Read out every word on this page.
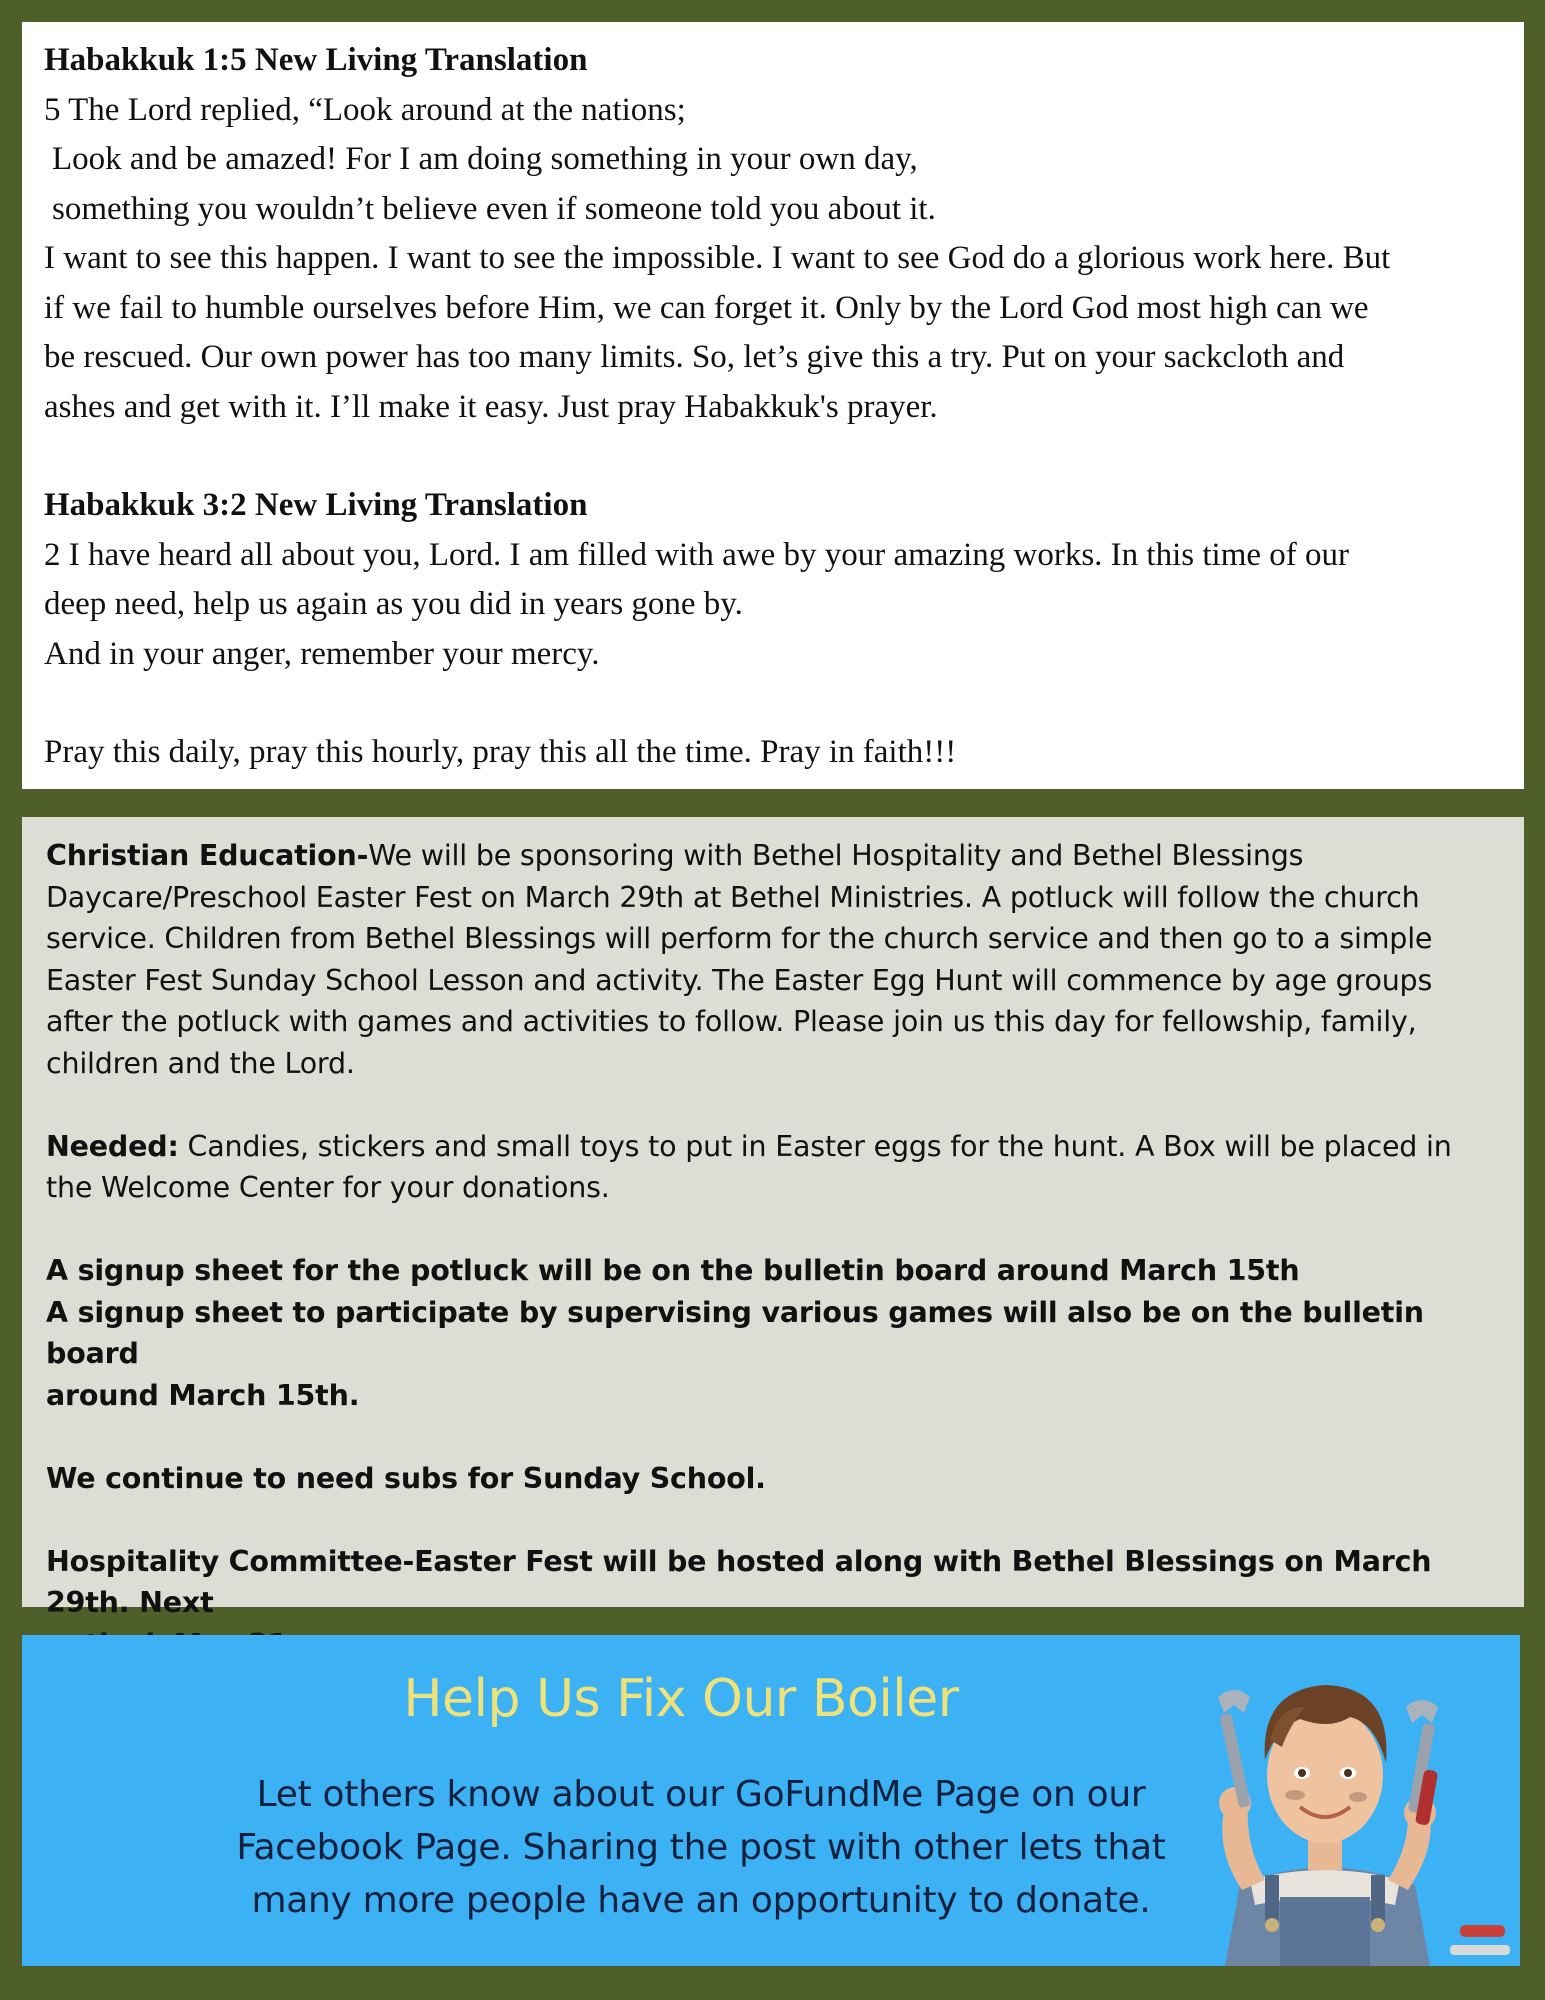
Habakkuk 1:5 New Living Translation

5 The Lord replied, “Look around at the nations;

Look and be amazed! For I am doing something in your own day,

something you wouldn’t believe even if someone told you about it.

I want to see this happen. I want to see the impossible. I want to see God do a glorious work here. But

if we fail to humble ourselves before Him, we can forget it. Only by the Lord God most high can we

be rescued. Our own power has too many limits. So, let’s give this a try. Put on your sackcloth and

ashes and get with it. I’ll make it easy. Just pray Habakkuk's prayer.

Habakkuk 3:2 New Living Translation

2 I have heard all about you, Lord. I am filled with awe by your amazing works. In this time of our

deep need, help us again as you did in years gone by.

And in your anger, remember your mercy.

Pray this daily, pray this hourly, pray this all the time. Pray in faith!!!

Christian Education-We will be sponsoring with Bethel Hospitality and Bethel Blessings

Daycare/Preschool Easter Fest on March 29th at Bethel Ministries. A potluck will follow the church

service. Children from Bethel Blessings will perform for the church service and then go to a simple

Easter Fest Sunday School Lesson and activity. The Easter Egg Hunt will commence by age groups

after the potluck with games and activities to follow. Please join us this day for fellowship, family,

children and the Lord.

Needed: Candies, stickers and small toys to put in Easter eggs for the hunt. A Box will be placed in

the Welcome Center for your donations.

A signup sheet for the potluck will be on the bulletin board around March 15th

A signup sheet to participate by supervising various games will also be on the bulletin board

around March 15th.

We continue to need subs for Sunday School.

Hospitality Committee-Easter Fest will be hosted along with Bethel Blessings on March 29th. Next

Help Us Fix Our Boiler

Let others know about our GoFundMe Page on our

Facebook Page. Sharing the post with other lets that

many more people have an opportunity to donate.
